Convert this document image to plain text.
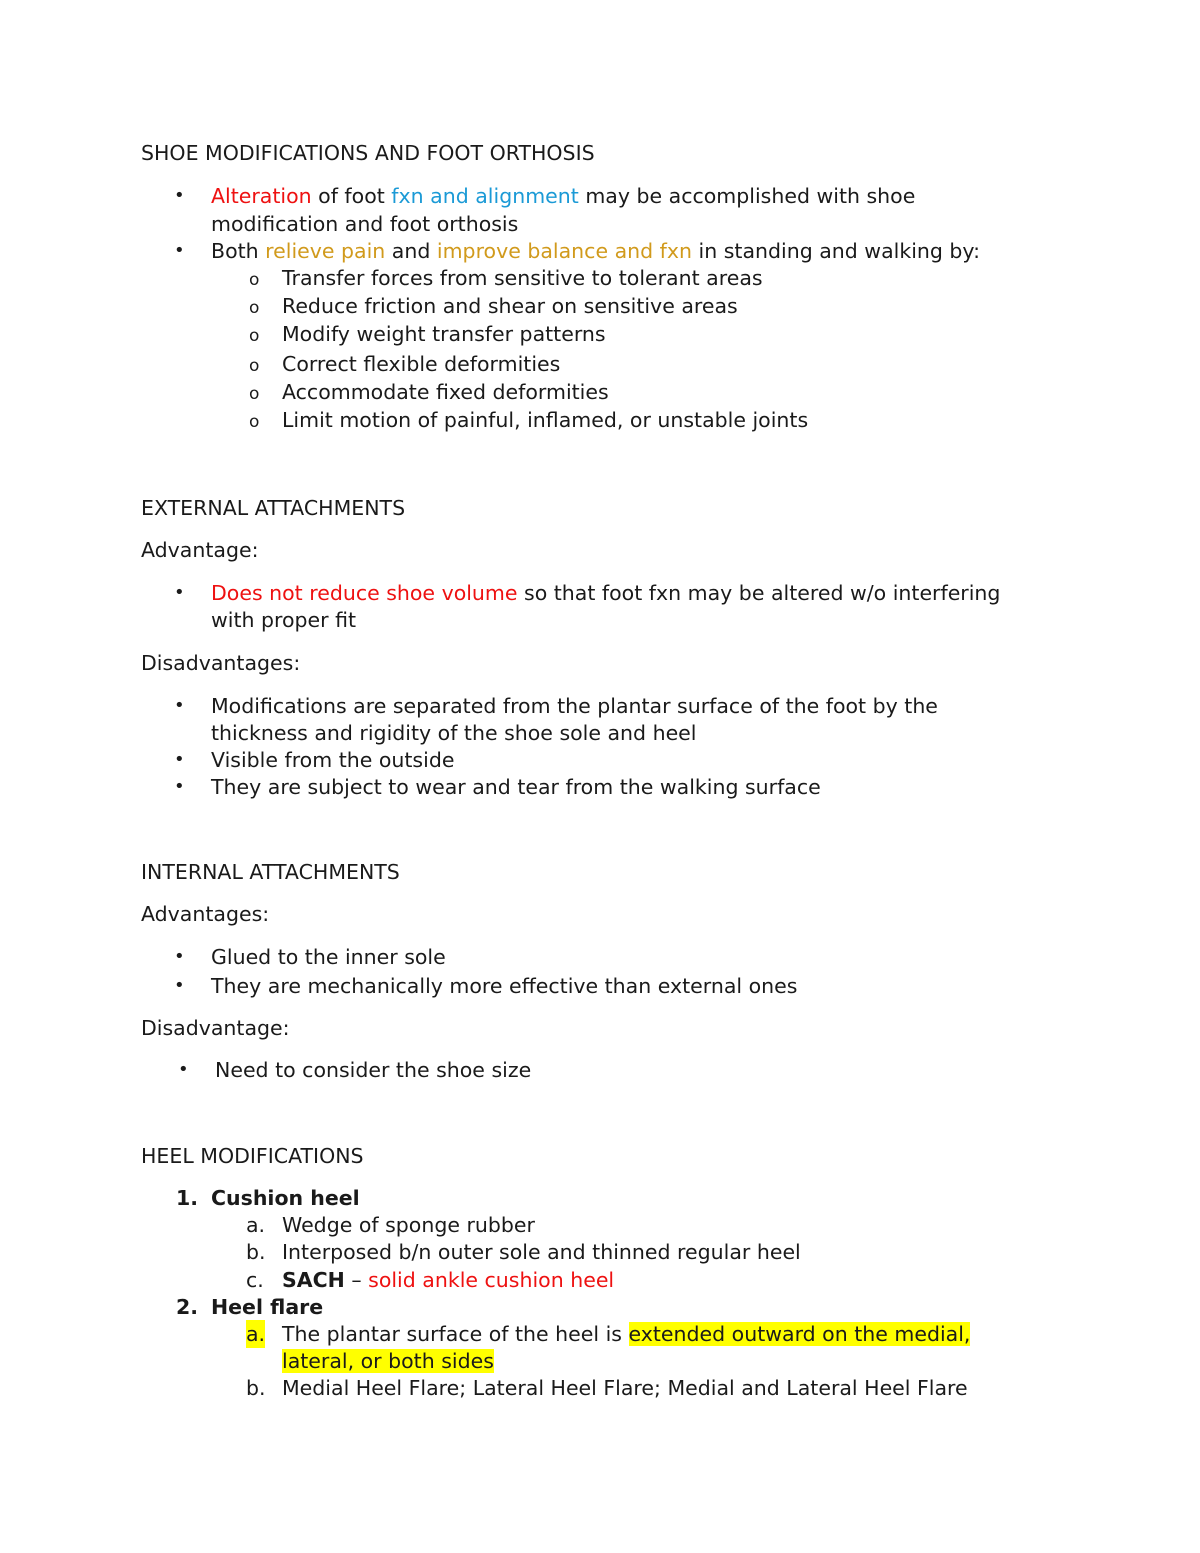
SHOE MODIFICATIONS AND FOOT ORTHOSIS
• Alteration of foot fxn and alignment may be accomplished with shoe
modification and foot orthosis
• Both relieve pain and improve balance and fxn in standing and walking by:
o Transfer forces from sensitive to tolerant areas
o Reduce friction and shear on sensitive areas
o Modify weight transfer patterns
o Correct flexible deformities
o Accommodate fixed deformities
o Limit motion of painful, inflamed, or unstable joints
EXTERNAL ATTACHMENTS
Advantage:
• Does not reduce shoe volume so that foot fxn may be altered w/o interfering
with proper fit
Disadvantages:
• Modifications are separated from the plantar surface of the foot by the
thickness and rigidity of the shoe sole and heel
• Visible from the outside
• They are subject to wear and tear from the walking surface
INTERNAL ATTACHMENTS
Advantages:
• Glued to the inner sole
• They are mechanically more effective than external ones
Disadvantage:
• Need to consider the shoe size
HEEL MODIFICATIONS
1. Cushion heel
a. Wedge of sponge rubber
b. Interposed b/n outer sole and thinned regular heel
c. SACH – solid ankle cushion heel
2. Heel flare
a. The plantar surface of the heel is extended outward on the medial,
lateral, or both sides
b. Medial Heel Flare; Lateral Heel Flare; Medial and Lateral Heel Flare
